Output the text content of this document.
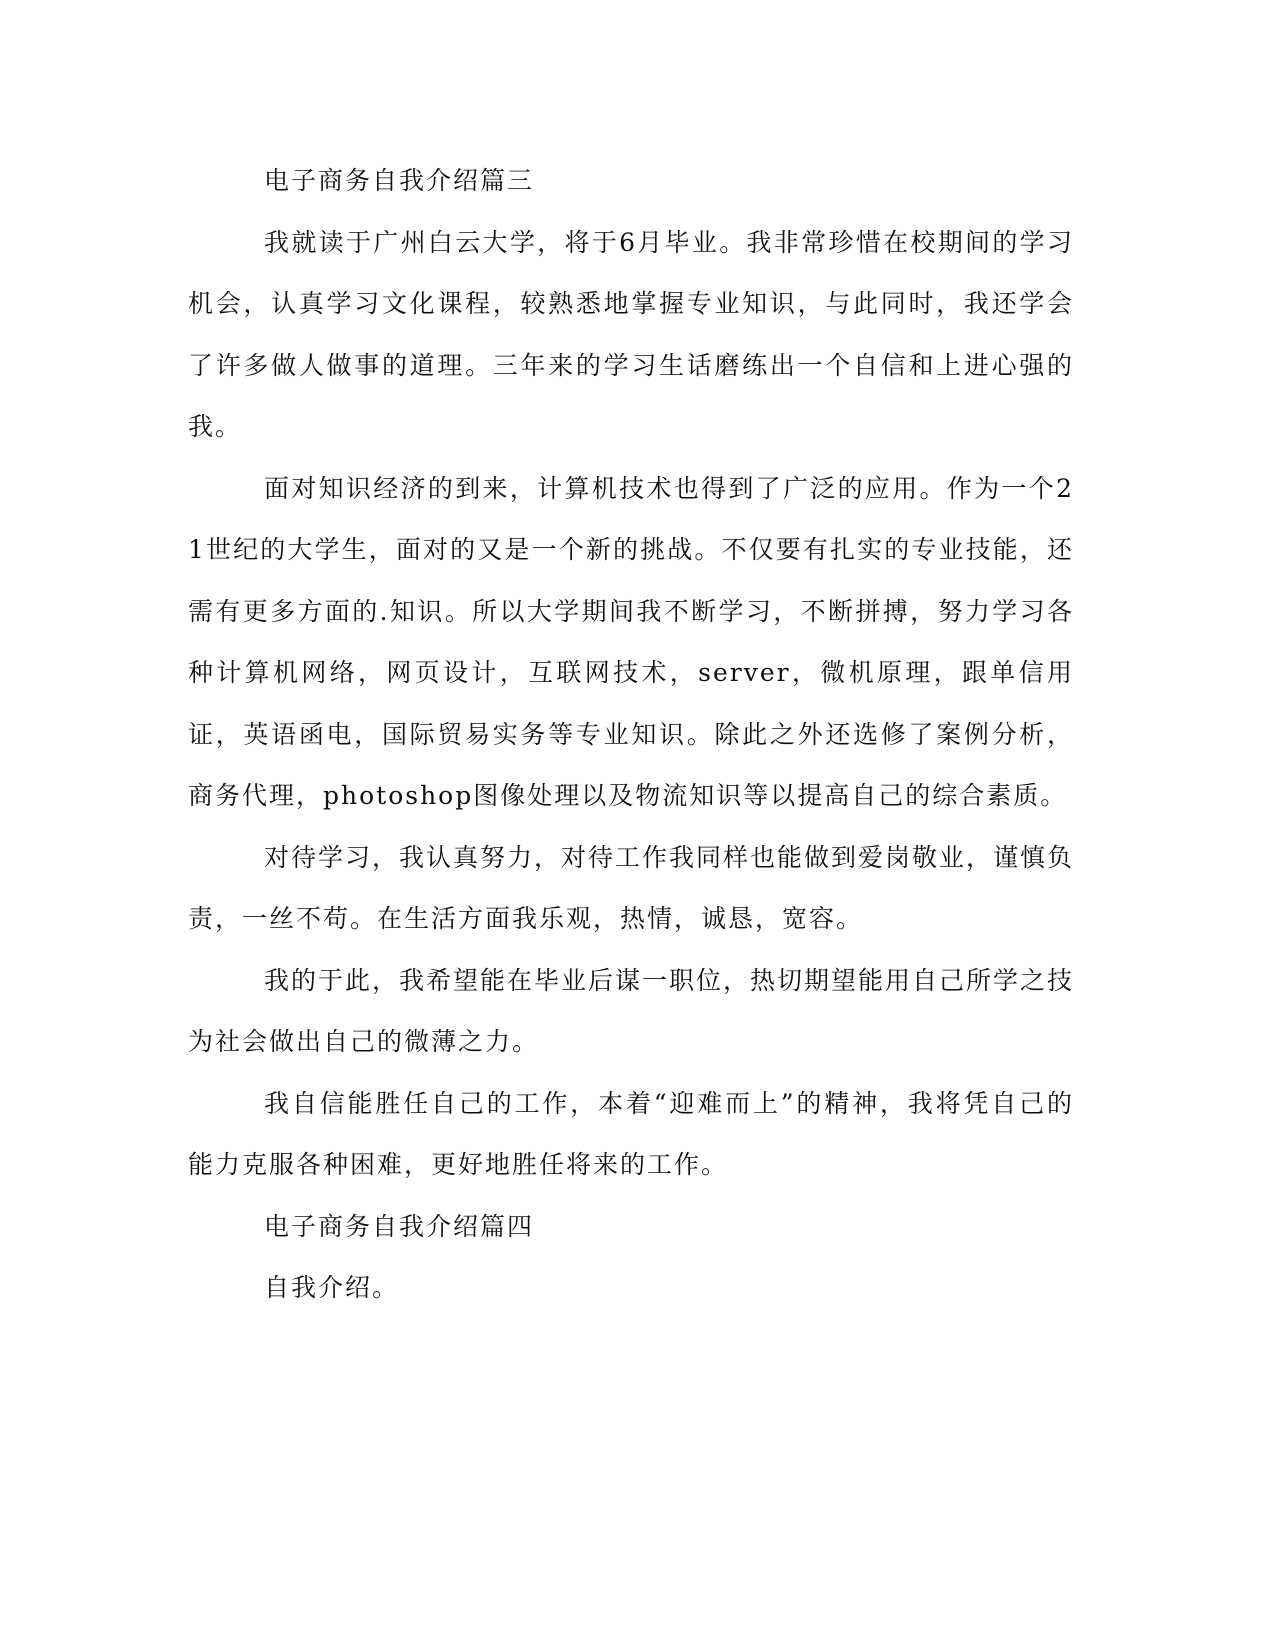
电子商务自我介绍篇三

我就读于广州白云大学，将于6月毕业。我非常珍惜在校期间的学习机会，认真学习文化课程，较熟悉地掌握专业知识，与此同时，我还学会了许多做人做事的道理。三年来的学习生话磨练出一个自信和上进心强的我。

面对知识经济的到来，计算机技术也得到了广泛的应用。作为一个21世纪的大学生，面对的又是一个新的挑战。不仅要有扎实的专业技能，还需有更多方面的.知识。所以大学期间我不断学习，不断拼搏，努力学习各种计算机网络，网页设计，互联网技术，server，微机原理，跟单信用证，英语函电，国际贸易实务等专业知识。除此之外还选修了案例分析，商务代理，photoshop图像处理以及物流知识等以提高自己的综合素质。

对待学习，我认真努力，对待工作我同样也能做到爱岗敬业，谨慎负责，一丝不苟。在生活方面我乐观，热情，诚恳，宽容。

我的于此，我希望能在毕业后谋一职位，热切期望能用自己所学之技为社会做出自己的微薄之力。

我自信能胜任自己的工作，本着“迎难而上”的精神，我将凭自己的能力克服各种困难，更好地胜任将来的工作。

电子商务自我介绍篇四

自我介绍。
